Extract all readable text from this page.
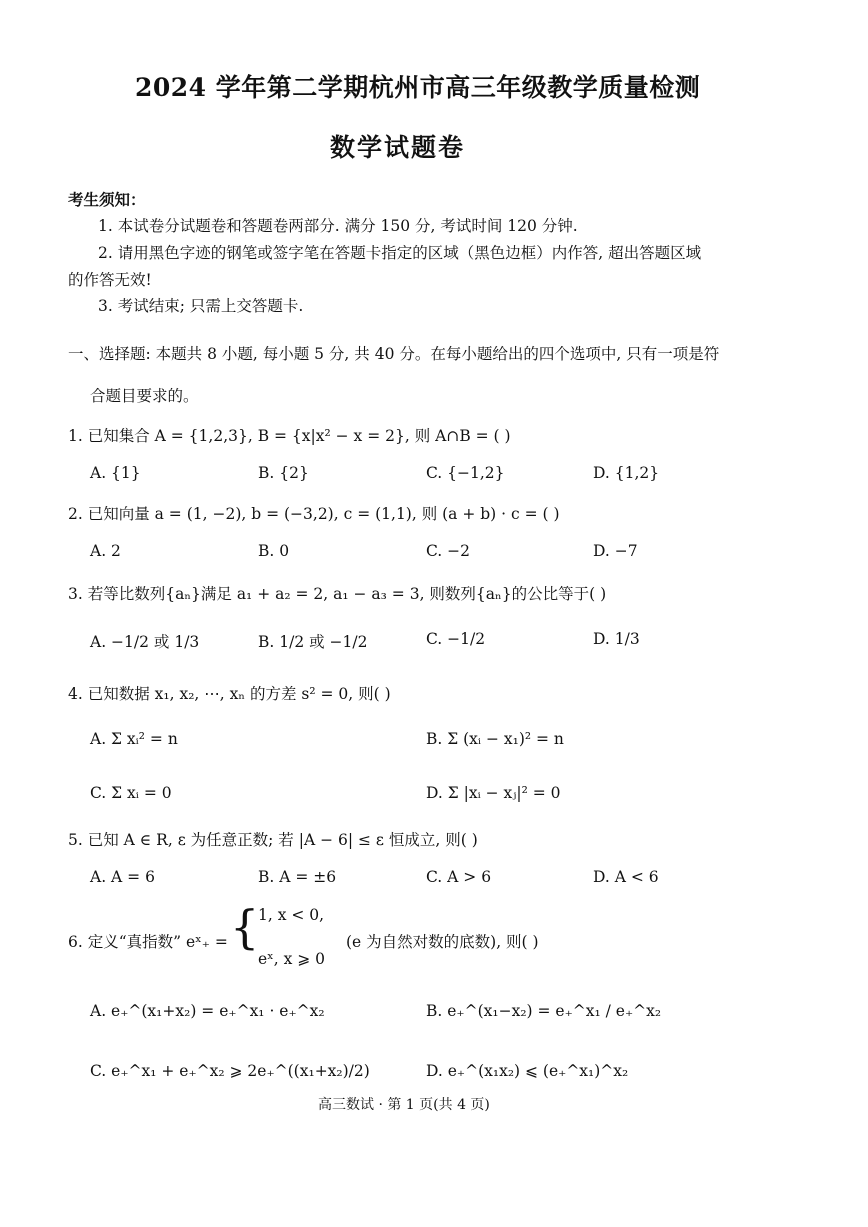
2024 学年第二学期杭州市高三年级教学质量检测
数学试题卷
考生须知：
1. 本试卷分试题卷和答题卷两部分. 满分 150 分, 考试时间 120 分钟.
2. 请用黑色字迹的钢笔或签字笔在答题卡指定的区域（黑色边框）内作答, 超出答题区域
的作答无效!
3. 考试结束; 只需上交答题卡.
一、选择题: 本题共 8 小题, 每小题 5 分, 共 40 分。在每小题给出的四个选项中, 只有一项是符
合题目要求的。
1. 已知集合 A = {1,2,3}, B = {x|x² − x = 2}, 则 A∩B = ( )
A. {1}	B. {2}	C. {−1,2}	D. {1,2}
2. 已知向量 a = (1, −2), b = (−3,2), c = (1,1), 则 (a + b) · c = ( )
A. 2	B. 0	C. −2	D. −7
3. 若等比数列{aₙ}满足 a₁ + a₂ = 2, a₁ − a₃ = 3, 则数列{aₙ}的公比等于( )
A. −1/2 或 1/3	B. 1/2 或 −1/2	C. −1/2	D. 1/3
4. 已知数据 x₁, x₂, ⋯, xₙ 的方差 s² = 0, 则( )
A. Σ xᵢ² = n	B. Σ (xᵢ − x₁)² = n
C. Σ xᵢ = 0	D. Σ |xᵢ − xⱼ|² = 0
5. 已知 A ∈ R, ε 为任意正数; 若 |A − 6| ≤ ε 恒成立, 则( )
A. A = 6	B. A = ±6	C. A > 6	D. A < 6
6. 定义“真指数” eˣ₊ = {
1, x < 0,
eˣ, x ⩾ 0
(e 为自然对数的底数), 则( )
A. e₊^(x₁+x₂) = e₊^x₁ · e₊^x₂	B. e₊^(x₁−x₂) = e₊^x₁ / e₊^x₂
C. e₊^x₁ + e₊^x₂ ⩾ 2e₊^((x₁+x₂)/2)	D. e₊^(x₁x₂) ⩽ (e₊^x₁)^x₂
高三数试 · 第 1 页(共 4 页)
